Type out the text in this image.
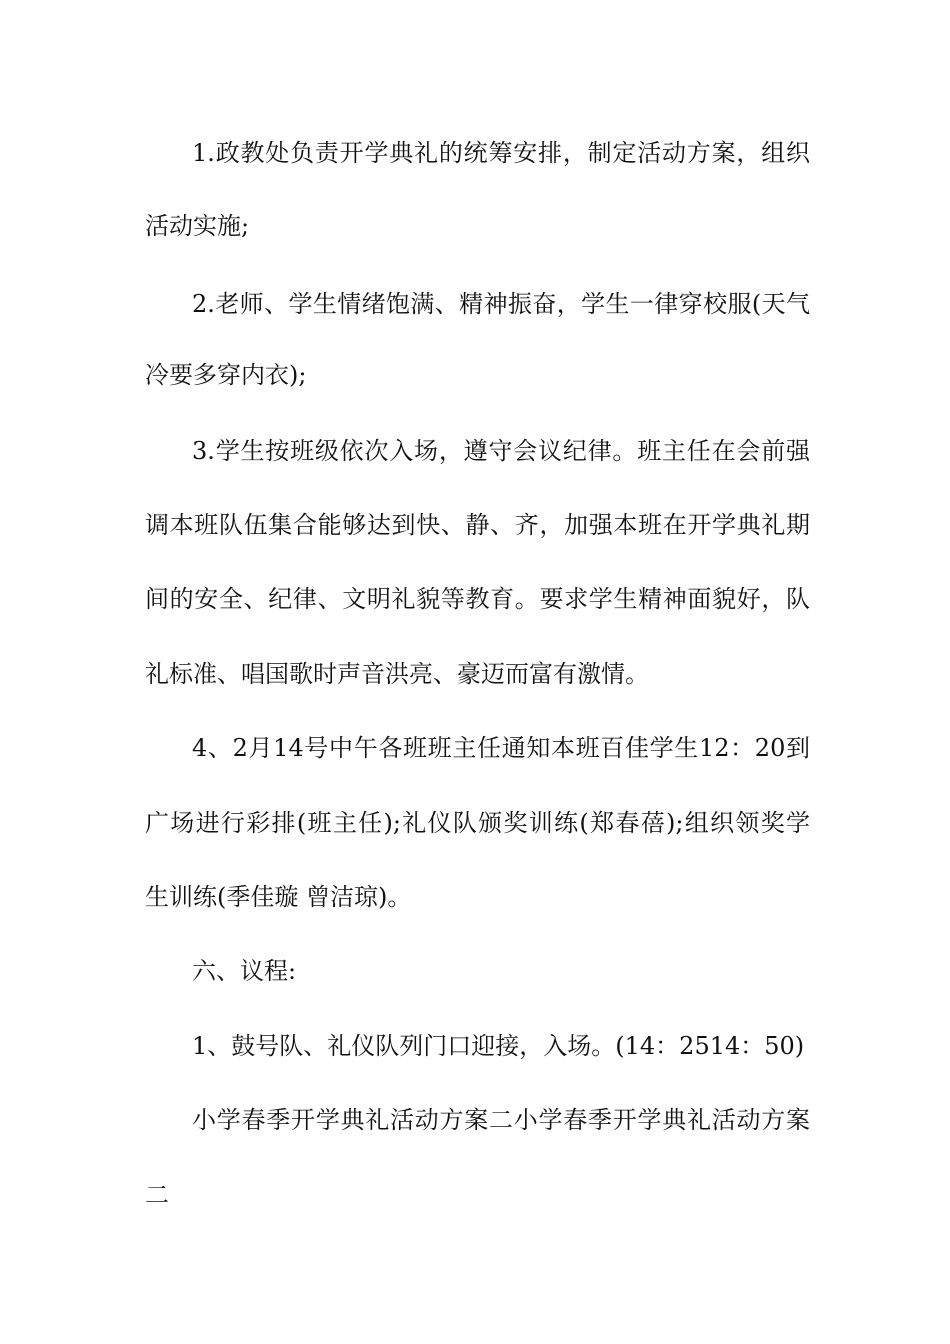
1.政教处负责开学典礼的统筹安排，制定活动方案，组织
活动实施;
2.老师、学生情绪饱满、精神振奋，学生一律穿校服(天气
冷要多穿内衣);
3.学生按班级依次入场，遵守会议纪律。班主任在会前强
调本班队伍集合能够达到快、静、齐，加强本班在开学典礼期
间的安全、纪律、文明礼貌等教育。要求学生精神面貌好，队
礼标准、唱国歌时声音洪亮、豪迈而富有激情。
4、2月14号中午各班班主任通知本班百佳学生12：20到
广场进行彩排(班主任);礼仪队颁奖训练(郑春蓓);组织领奖学
生训练(季佳璇 曾洁琼)。
六、议程:
1、鼓号队、礼仪队列门口迎接，入场。(14：2514：50)
小学春季开学典礼活动方案二小学春季开学典礼活动方案
二
